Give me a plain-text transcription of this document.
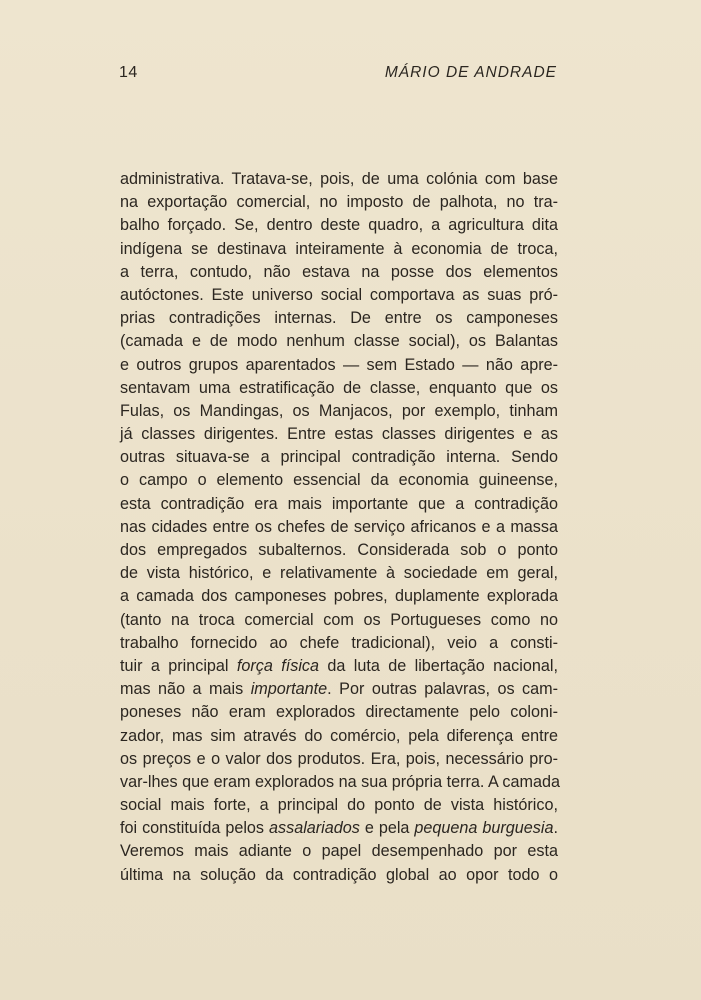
14	MÁRIO DE ANDRADE
administrativa. Tratava-se, pois, de uma colónia com base
na exportação comercial, no imposto de palhota, no tra-
balho forçado. Se, dentro deste quadro, a agricultura dita
indígena se destinava inteiramente à economia de troca,
a terra, contudo, não estava na posse dos elementos
autóctones. Este universo social comportava as suas pró-
prias contradições internas. De entre os camponeses
(camada e de modo nenhum classe social), os Balantas
e outros grupos aparentados — sem Estado — não apre-
sentavam uma estratificação de classe, enquanto que os
Fulas, os Mandingas, os Manjacos, por exemplo, tinham
já classes dirigentes. Entre estas classes dirigentes e as
outras situava-se a principal contradição interna. Sendo
o campo o elemento essencial da economia guineense,
esta contradição era mais importante que a contradição
nas cidades entre os chefes de serviço africanos e a massa
dos empregados subalternos. Considerada sob o ponto
de vista histórico, e relativamente à sociedade em geral,
a camada dos camponeses pobres, duplamente explorada
(tanto na troca comercial com os Portugueses como no
trabalho fornecido ao chefe tradicional), veio a consti-
tuir a principal força física da luta de libertação nacional,
mas não a mais importante. Por outras palavras, os cam-
poneses não eram explorados directamente pelo coloni-
zador, mas sim através do comércio, pela diferença entre
os preços e o valor dos produtos. Era, pois, necessário pro-
var-lhes que eram explorados na sua própria terra. A camada
social mais forte, a principal do ponto de vista histórico,
foi constituída pelos assalariados e pela pequena burguesia.
Veremos mais adiante o papel desempenhado por esta
última na solução da contradição global ao opor todo o
